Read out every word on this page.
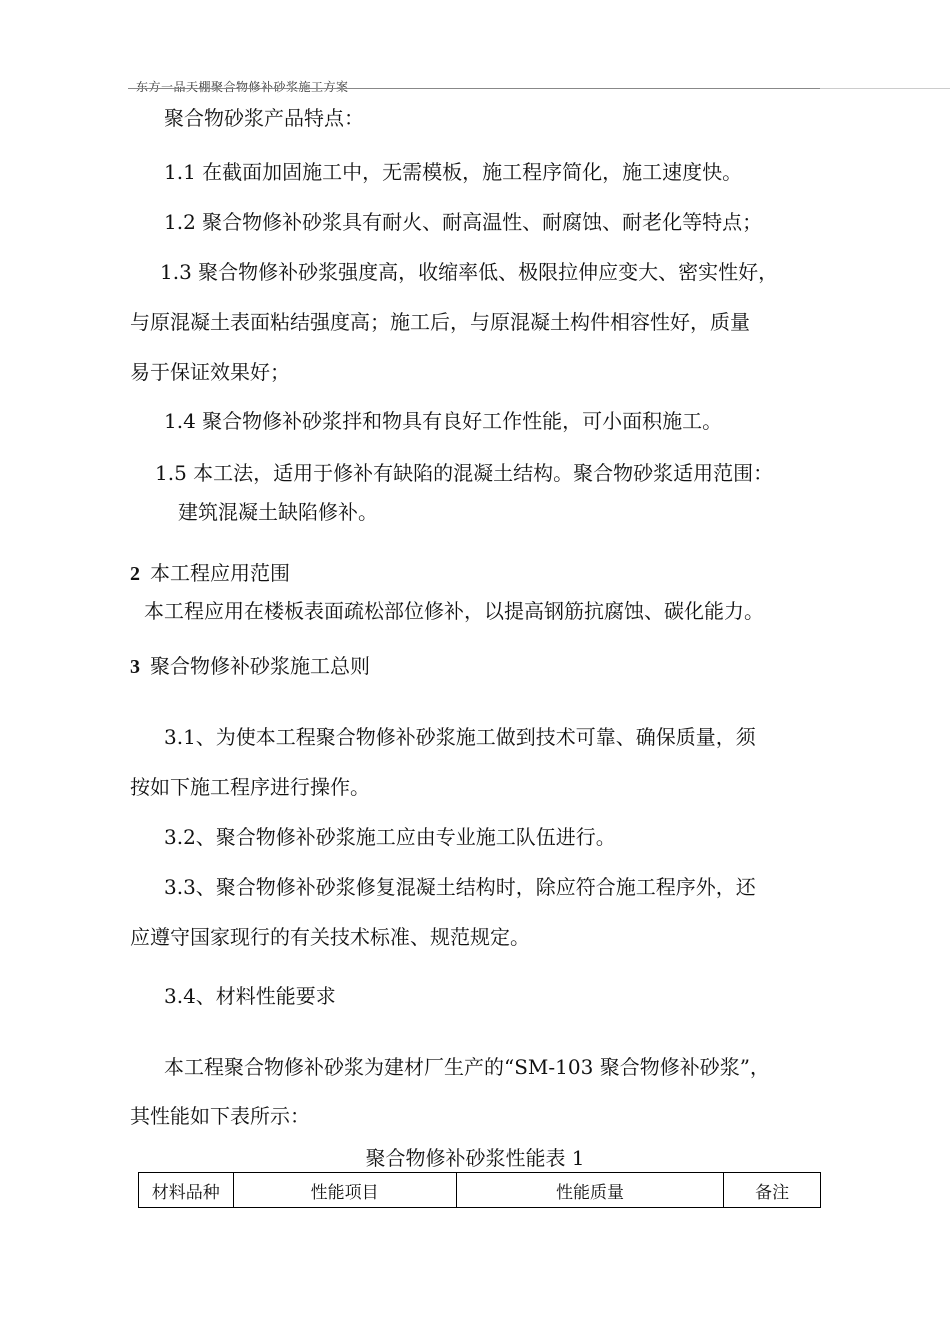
东方一品天棚聚合物修补砂浆施工方案
聚合物砂浆产品特点：
1.1 在截面加固施工中，无需模板，施工程序简化，施工速度快。
1.2 聚合物修补砂浆具有耐火、耐高温性、耐腐蚀、耐老化等特点；
1.3 聚合物修补砂浆强度高，收缩率低、极限拉伸应变大、密实性好，
与原混凝土表面粘结强度高；施工后，与原混凝土构件相容性好，质量
易于保证效果好；
1.4 聚合物修补砂浆拌和物具有良好工作性能，可小面积施工。
1.5 本工法，适用于修补有缺陷的混凝土结构。聚合物砂浆适用范围：
建筑混凝土缺陷修补。
2 本工程应用范围
本工程应用在楼板表面疏松部位修补，以提高钢筋抗腐蚀、碳化能力。
3 聚合物修补砂浆施工总则
3.1、为使本工程聚合物修补砂浆施工做到技术可靠、确保质量，须
按如下施工程序进行操作。
3.2、聚合物修补砂浆施工应由专业施工队伍进行。
3.3、聚合物修补砂浆修复混凝土结构时，除应符合施工程序外，还
应遵守国家现行的有关技术标准、规范规定。
3.4、材料性能要求
本工程聚合物修补砂浆为建材厂生产的“SM-103 聚合物修补砂浆”，
其性能如下表所示：
聚合物修补砂浆性能表 1
材料品种	性能项目	性能质量	备注
